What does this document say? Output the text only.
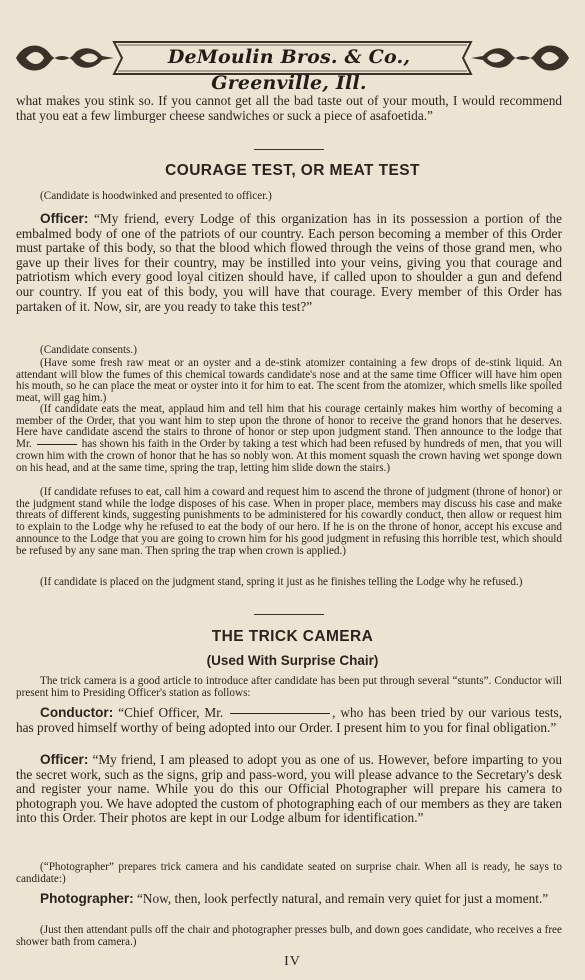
DeMoulin Bros. & Co., Greenville, Ill.
what makes you stink so. If you cannot get all the bad taste out of your mouth, I would recommend that you eat a few limburger cheese sandwiches or suck a piece of asafoetida.”
COURAGE TEST, OR MEAT TEST
(Candidate is hoodwinked and presented to officer.)
Officer: “My friend, every Lodge of this organization has in its possession a portion of the embalmed body of one of the patriots of our country. Each person becoming a member of this Order must partake of this body, so that the blood which flowed through the veins of those grand men, who gave up their lives for their country, may be instilled into your veins, giving you that courage and patriotism which every good loyal citizen should have, if called upon to shoulder a gun and defend our country. If you eat of this body, you will have that courage. Every member of this Order has partaken of it. Now, sir, are you ready to take this test?”
(Candidate consents.)
(Have some fresh raw meat or an oyster and a de-stink atomizer containing a few drops of de-stink liquid. An attendant will blow the fumes of this chemical towards candidate's nose and at the same time Officer will have him open his mouth, so he can place the meat or oyster into it for him to eat. The scent from the atomizer, which smells like spoiled meat, will gag him.)
(If candidate eats the meat, applaud him and tell him that his courage certainly makes him worthy of becoming a member of the Order, that you want him to step upon the throne of honor to receive the grand honors that he deserves. Here have candidate ascend the stairs to throne of honor or step upon judgment stand. Then announce to the lodge that Mr.	has shown his faith in the Order by taking a test which had been refused by hundreds of men, that you will crown him with the crown of honor that he has so nobly won. At this moment squash the crown having wet sponge down on his head, and at the same time, spring the trap, letting him slide down the stairs.)
(If candidate refuses to eat, call him a coward and request him to ascend the throne of judgment (throne of honor) or the judgment stand while the lodge disposes of his case. When in proper place, members may discuss his case and make threats of different kinds, suggesting punishments to be administered for his cowardly conduct, then allow or request him to explain to the Lodge why he refused to eat the body of our hero. If he is on the throne of honor, accept his excuse and announce to the Lodge that you are going to crown him for his good judgment in refusing this horrible test, which should be refused by any sane man. Then spring the trap when crown is applied.)
(If candidate is placed on the judgment stand, spring it just as he finishes telling the Lodge why he refused.)
THE TRICK CAMERA
(Used With Surprise Chair)
The trick camera is a good article to introduce after candidate has been put through several “stunts”. Conductor will present him to Presiding Officer's station as follows:
Conductor: “Chief Officer, Mr.	, who has been tried by our various tests, has proved himself worthy of being adopted into our Order. I present him to you for final obligation.”
Officer: “My friend, I am pleased to adopt you as one of us. However, before imparting to you the secret work, such as the signs, grip and pass-word, you will please advance to the Secretary's desk and register your name. While you do this our Official Photographer will prepare his camera to photograph you. We have adopted the custom of photographing each of our members as they are taken into this Order. Their photos are kept in our Lodge album for identification.”
(“Photographer” prepares trick camera and his candidate seated on surprise chair. When all is ready, he says to candidate:)
Photographer: “Now, then, look perfectly natural, and remain very quiet for just a moment.”
(Just then attendant pulls off the chair and photographer presses bulb, and down goes candidate, who receives a free shower bath from camera.)
IV
